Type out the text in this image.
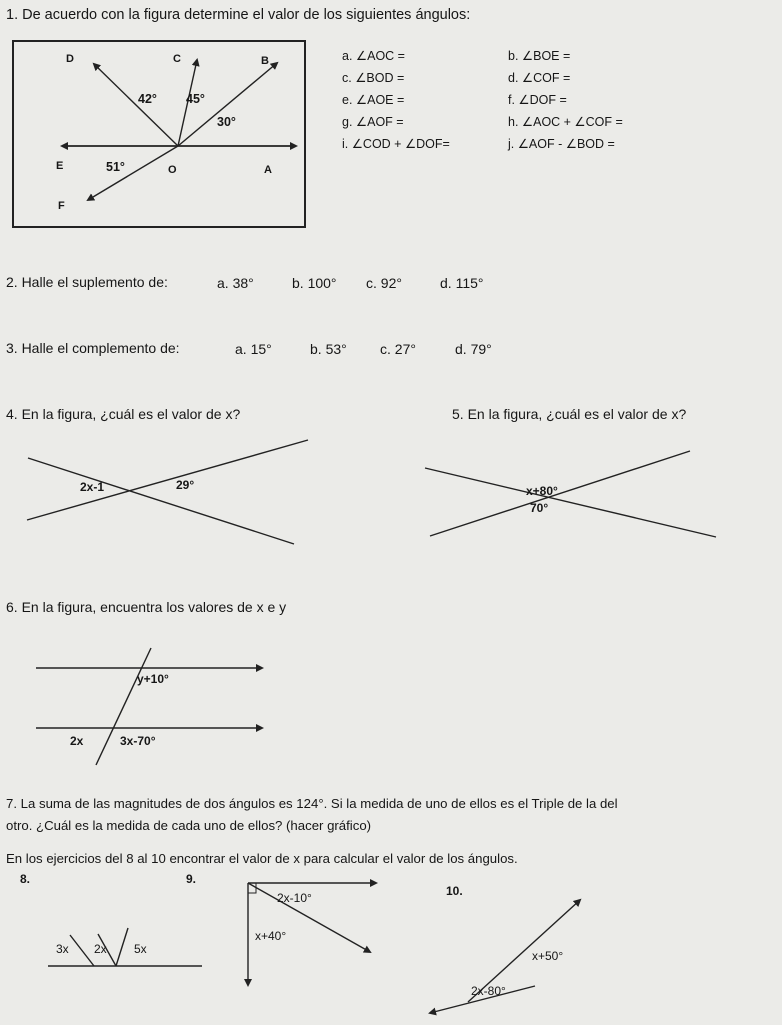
1. De acuerdo con la figura determine el valor de los siguientes ángulos:
D	C	B
42° 45°
30°
E	51°	O	A
F
a. ∠AOC =	b. ∠BOE =
c. ∠BOD =	d. ∠COF =
e. ∠AOE =	f. ∠DOF =
g. ∠AOF =	h. ∠AOC + ∠COF =
i. ∠COD + ∠DOF=	j. ∠AOF - ∠BOD =
2. Halle el suplemento de:	a. 38°	b. 100° c. 92°	d. 115°
3. Halle el complemento de:	a. 15°	b. 53° c. 27°	d. 79°
4. En la figura, ¿cuál es el valor de x?
2x-1	29°
5. En la figura, ¿cuál es el valor de x?
x+80°
70°
6. En la figura, encuentra los valores de x e y
y+10°
2x	3x-70°
7. La suma de las magnitudes de dos ángulos es 124°. Si la medida de uno de ellos es el Triple de la del
otro. ¿Cuál es la medida de cada uno de ellos? (hacer gráfico)
En los ejercicios del 8 al 10 encontrar el valor de x para calcular el valor de los ángulos.
8.
3x 2x 5x
9.
2x-10°
x+40°
10.
x+50°
2x-80°
